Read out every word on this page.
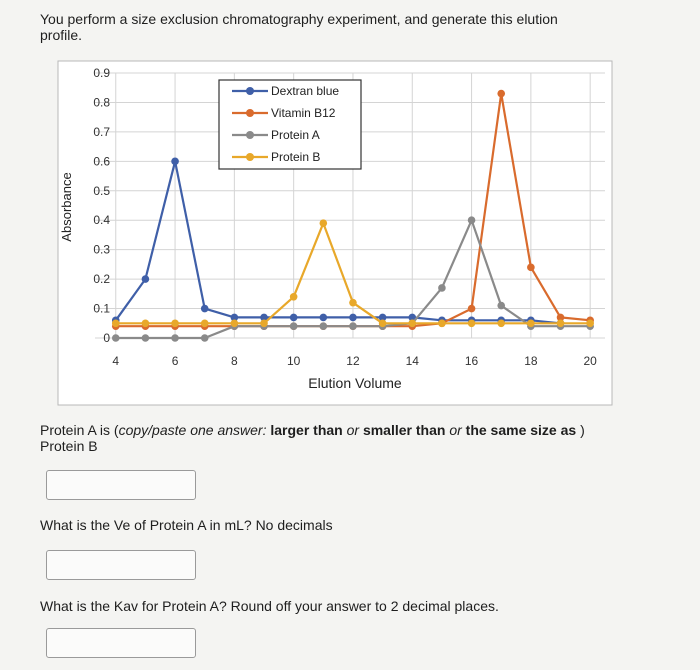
You perform a size exclusion chromatography experiment, and generate this elution profile.
0
0.1
0.2
0.3
0.4
0.5
0.6
0.7
0.8
0.9
4	6	8	10	12	14	16	18	20
Elution Volume
Absorbance
Dextran blue
Vitamin B12
Protein A
Protein B
Protein A is (copy/paste one answer: larger than or smaller than or the same size as ) Protein B
What is the Ve of Protein A in mL? No decimals
What is the Kav for Protein A? Round off your answer to 2 decimal places.
